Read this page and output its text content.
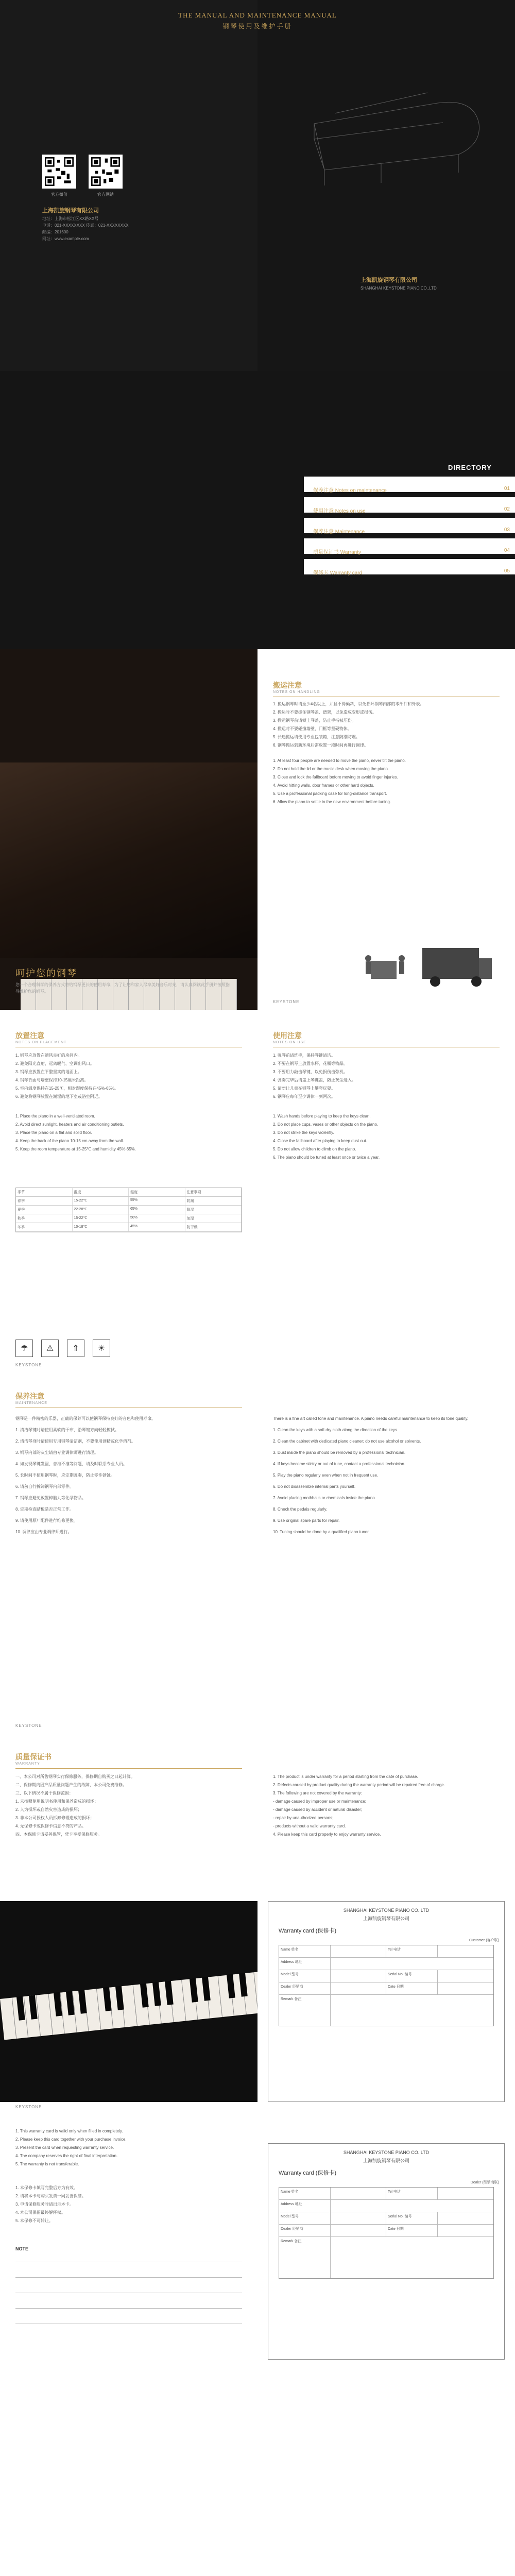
THE MANUAL AND MAINTENANCE MANUAL
钢琴使用及维护手册
官方微信	官方网站
上海凯旋钢琴有限公司
地址：上海市松江区XX路XX号
电话：021-XXXXXXXX 传真：021-XXXXXXXX
邮编：201600
网址：www.example.com
上海凯旋钢琴有限公司
SHANGHAI KEYSTONE PIANO CO.,LTD
DIRECTORY
保养注意 Notes on maintenance	01
使用注意 Notes on use	02
保养注意 Maintenance	03
质量保证书 Warranty	04
保修卡 Warranty card	05
呵护您的钢琴
您一个合理科学的保养方式将给钢琴更长的使用寿命，为了让您和家人尽享美好音乐时光，请认真阅读此手册并按照指导维护您的钢琴。
搬运注意
NOTES ON HANDLING

1. 搬运钢琴时请至少4名以上，并且不得倾斜，以免损坏钢琴内部的零部件和外表。

2. 搬运时不要抓住钢琴盖、谱架，以免造成变形或损伤。

3. 搬运钢琴前请锁上琴盖，防止手指被压伤。

4. 搬运时不要碰撞墙壁、门框等坚硬物体。

5. 长途搬运请使用专业包装箱，注意防潮防震。

6. 钢琴搬运到新环境后需放置一段时间再进行调律。

1. At least four people are needed to move the piano, never tilt the piano.

2. Do not hold the lid or the music desk when moving the piano.

3. Close and lock the fallboard before moving to avoid finger injuries.

4. Avoid hitting walls, door frames or other hard objects.

5. Use a professional packing case for long-distance transport.

6. Allow the piano to settle in the new environment before tuning.

KEYSTONE
放置注意
NOTES ON PLACEMENT

1. 钢琴应放置在通风良好的房间内。

2. 避免阳光直射，远离暖气、空调出风口。

3. 钢琴应放置在平整坚实的地面上。

4. 钢琴背面与墙壁保持10-15厘米距离。

5. 室内温度保持在15-25℃，相对湿度保持在45%-65%。

6. 避免将钢琴放置在潮湿的地下室或浴室附近。

1. Place the piano in a well-ventilated room.

2. Avoid direct sunlight, heaters and air conditioning outlets.

3. Place the piano on a flat and solid floor.

4. Keep the back of the piano 10-15 cm away from the wall.

5. Keep the room temperature at 15-25℃ and humidity 45%-65%.

季节	温度	湿度	注意事项
春季	15-22℃	55%	防潮
夏季	22-28℃	65%	除湿
秋季	15-22℃	50%	加湿
冬季	10-18℃	45%	防干燥
☂	⚠	⇑	☀
使用注意
NOTES ON USE

1. 弹琴前请洗手，保持琴键清洁。

2. 不要在钢琴上放置水杯、花瓶等物品。

3. 不要用力敲击琴键，以免损伤击弦机。

4. 弹奏完毕后请盖上琴键盖，防止灰尘进入。

5. 请勿让儿童在钢琴上攀爬玩耍。

6. 钢琴应每年至少调律一到两次。

1. Wash hands before playing to keep the keys clean.

2. Do not place cups, vases or other objects on the piano.

3. Do not strike the keys violently.

4. Close the fallboard after playing to keep dust out.

5. Do not allow children to climb on the piano.

6. The piano should be tuned at least once or twice a year.

KEYSTONE
保养注意
MAINTENANCE

钢琴是一件精密的乐器，正确的保养可以使钢琴保持良好的音色和使用寿命。

1. 清洁琴键时请使用柔软的干布，沿琴键方向轻轻擦拭。

2. 清洁琴身时请使用专用钢琴清洁剂，不要使用酒精或化学溶剂。

3. 钢琴内部的灰尘请由专业调律师进行清理。

4. 如发现琴键发涩、音准不准等问题，请及时联系专业人员。

5. 长时间不使用钢琴时，应定期弹奏，防止零件锈蚀。

6. 请勿自行拆卸钢琴内部零件。

7. 钢琴应避免放置樟脑丸等化学物品。

8. 定期检查踏板是否正常工作。

9. 请使用原厂配件进行维修更换。

10. 调律应由专业调律师进行。

There is a fine art called tone and maintenance. A piano needs careful maintenance to keep its tone quality.

1. Clean the keys with a soft dry cloth along the direction of the keys.

2. Clean the cabinet with dedicated piano cleaner; do not use alcohol or solvents.

3. Dust inside the piano should be removed by a professional technician.

4. If keys become sticky or out of tune, contact a professional technician.

5. Play the piano regularly even when not in frequent use.

6. Do not disassemble internal parts yourself.

7. Avoid placing mothballs or chemicals inside the piano.

8. Check the pedals regularly.

9. Use original spare parts for repair.

10. Tuning should be done by a qualified piano tuner.

KEYSTONE
质量保证书
WARRANTY

一、本公司对所售钢琴实行保修服务，保修期自购买之日起计算。

二、保修期内因产品质量问题产生的故障，本公司免费维修。

三、以下情况不属于保修范围：

1. 未按照使用说明书使用和保养造成的损坏；

2. 人为损坏或自然灾害造成的损坏；

3. 非本公司授权人员拆卸修理造成的损坏；

4. 无保修卡或保修卡信息不符的产品。

四、本保修卡请妥善保管，凭卡享受保修服务。

1. The product is under warranty for a period starting from the date of purchase.

2. Defects caused by product quality during the warranty period will be repaired free of charge.

3. The following are not covered by the warranty:

- damage caused by improper use or maintenance;

- damage caused by accident or natural disaster;

- repair by unauthorized persons;

- products without a valid warranty card.

4. Please keep this card properly to enjoy warranty service.

SHANGHAI KEYSTONE PIANO CO.,LTD
上海凯旋钢琴有限公司
Warranty card (保修卡)
Customer (客户联)
Name 姓名	Tel 电话
Address 地址
Model 型号	Serial No. 编号
Dealer 经销商	Date 日期
Remark 备注
KEYSTONE

1. This warranty card is valid only when filled in completely.

2. Please keep this card together with your purchase invoice.

3. Present the card when requesting warranty service.

4. The company reserves the right of final interpretation.

5. The warranty is not transferable.

1. 本保修卡填写完整后方为有效。

2. 请将本卡与购买发票一同妥善保管。

3. 申请保修服务时请出示本卡。

4. 本公司保留最终解释权。

5. 本保修不可转让。

NOTE
SHANGHAI KEYSTONE PIANO CO.,LTD
上海凯旋钢琴有限公司
Warranty card (保修卡)
Dealer (经销商联)
Name 姓名	Tel 电话
Address 地址
Model 型号	Serial No. 编号
Dealer 经销商	Date 日期
Remark 备注
